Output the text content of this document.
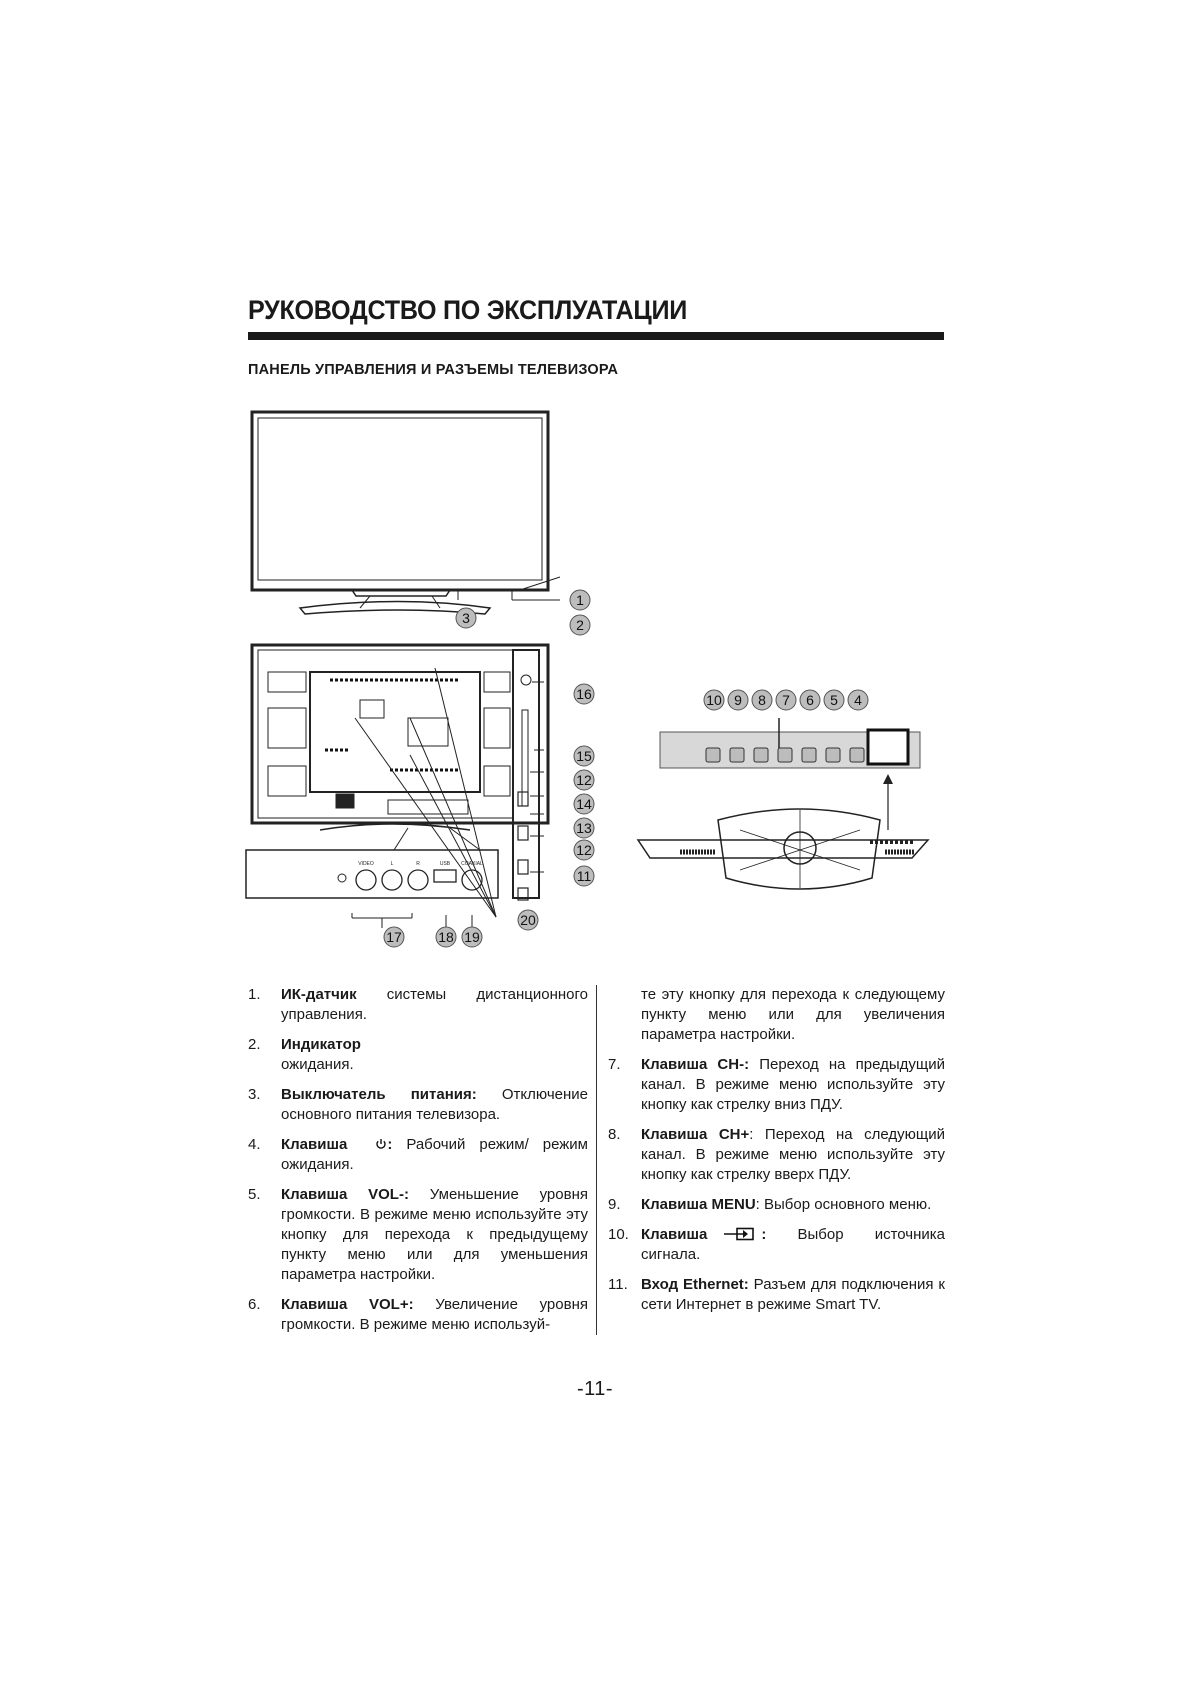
РУКОВОДСТВО ПО ЭКСПЛУАТАЦИИ
ПАНЕЛЬ УПРАВЛЕНИЯ И РАЗЪЕМЫ ТЕЛЕВИЗОРА
VIDEO	L	R	USB COAXIAL
1
2
3
10 9 8 7 6 5 4
16
15
12
14
13
12
11
20
17	18 19
1. ИК-датчик системы дистанционного управления.
2. Индикатор
ожидания.
3. Выключатель питания: Отключение основного питания телевизора.
4. Клавиша	: Рабочий режим/ режим ожидания.
5. Клавиша VOL-: Уменьшение уровня громкости. В режиме меню используйте эту кнопку для перехода к предыдущему пункту меню или для уменьшения параметра настройки.
6. Клавиша VOL+: Увеличение уровня громкости. В режиме меню используй-
те эту кнопку для перехода к следующему пункту меню или для увеличения параметра настройки.
7. Клавиша CH-: Переход на предыдущий канал. В режиме меню используйте эту кнопку как стрелку вниз ПДУ.
8. Клавиша CH+: Переход на следующий канал. В режиме меню используйте эту кнопку как стрелку вверх ПДУ.
9. Клавиша MENU: Выбор основного меню.
10. Клавиша	: Выбор источника сигнала.
11. Вход Ethernet: Разъем для подключения к сети Интернет в режиме Smart TV.
-11-
